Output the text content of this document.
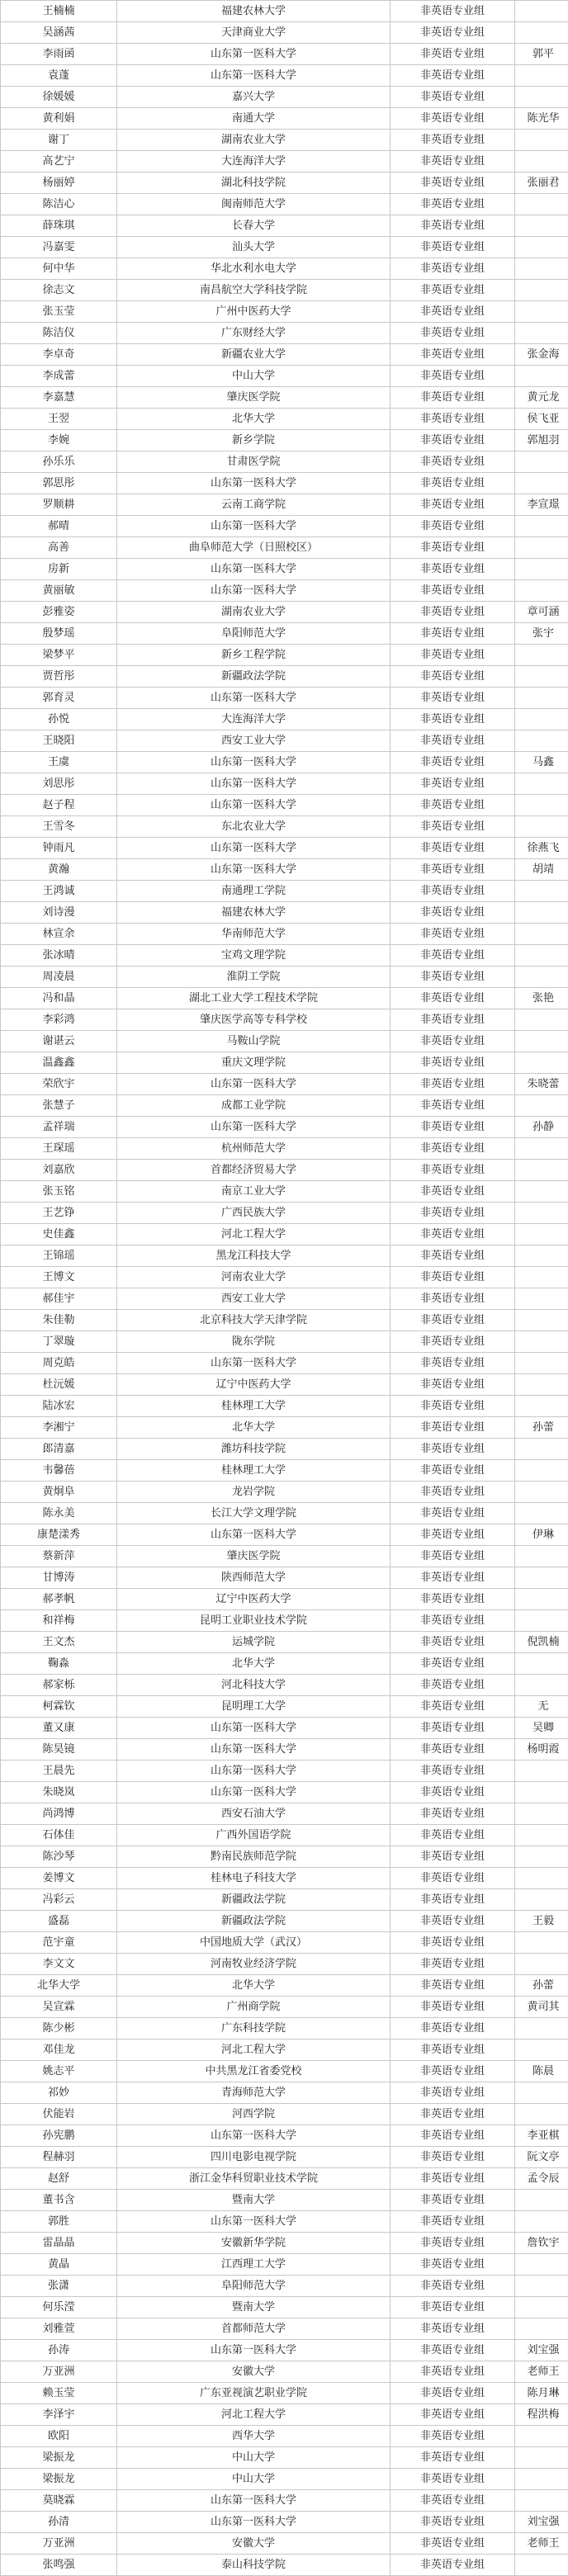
王楠楠	福建农林大学	非英语专业组	
吴涵茜	天津商业大学	非英语专业组	
李雨函	山东第一医科大学	非英语专业组	郭平
袁蓬	山东第一医科大学	非英语专业组	
徐媛媛	嘉兴大学	非英语专业组	
黄利娟	南通大学	非英语专业组	陈光华
谢丁	湖南农业大学	非英语专业组	
高艺宁	大连海洋大学	非英语专业组	
杨丽婷	湖北科技学院	非英语专业组	张丽君
陈洁心	闽南师范大学	非英语专业组	
薛珠琪	长春大学	非英语专业组	
冯嘉雯	汕头大学	非英语专业组	
何中华	华北水利水电大学	非英语专业组	
徐志文	南昌航空大学科技学院	非英语专业组	
张玉莹	广州中医药大学	非英语专业组	
陈洁仪	广东财经大学	非英语专业组	
李卓奇	新疆农业大学	非英语专业组	张金海
李成蕾	中山大学	非英语专业组	
李嘉慧	肇庆医学院	非英语专业组	黄元龙
王翌	北华大学	非英语专业组	侯飞亚
李婉	新乡学院	非英语专业组	郭旭羽
孙乐乐	甘肃医学院	非英语专业组	
郭思彤	山东第一医科大学	非英语专业组	
罗顺耕	云南工商学院	非英语专业组	李宣璟
郝晴	山东第一医科大学	非英语专业组	
高善	曲阜师范大学（日照校区）	非英语专业组	
房新	山东第一医科大学	非英语专业组	
黄丽敏	山东第一医科大学	非英语专业组	
彭雅姿	湖南农业大学	非英语专业组	章可涵
殷梦瑶	阜阳师范大学	非英语专业组	张宇
梁梦平	新乡工程学院	非英语专业组	
贾哲彤	新疆政法学院	非英语专业组	
郭育灵	山东第一医科大学	非英语专业组	
孙悦	大连海洋大学	非英语专业组	
王晓阳	西安工业大学	非英语专业组	
王虞	山东第一医科大学	非英语专业组	马鑫
刘思彤	山东第一医科大学	非英语专业组	
赵子程	山东第一医科大学	非英语专业组	
王雪冬	东北农业大学	非英语专业组	
钟雨凡	山东第一医科大学	非英语专业组	徐燕飞
黄瀚	山东第一医科大学	非英语专业组	胡靖
王鸿诚	南通理工学院	非英语专业组	
刘诗漫	福建农林大学	非英语专业组	
林宣余	华南师范大学	非英语专业组	
张冰晴	宝鸡文理学院	非英语专业组	
周凌晨	淮阴工学院	非英语专业组	
冯和晶	湖北工业大学工程技术学院	非英语专业组	张艳
李彩鸿	肇庆医学高等专科学校	非英语专业组	
谢谌云	马鞍山学院	非英语专业组	
温鑫鑫	重庆文理学院	非英语专业组	
荣欣宇	山东第一医科大学	非英语专业组	朱晓蕾
张慧子	成都工业学院	非英语专业组	
孟祥瑞	山东第一医科大学	非英语专业组	孙静
王琛瑶	杭州师范大学	非英语专业组	
刘嘉欣	首都经济贸易大学	非英语专业组	
张玉铭	南京工业大学	非英语专业组	
王艺铮	广西民族大学	非英语专业组	
史佳鑫	河北工程大学	非英语专业组	
王锦瑶	黑龙江科技大学	非英语专业组	
王博文	河南农业大学	非英语专业组	
郝佳宇	西安工业大学	非英语专业组	
朱佳勒	北京科技大学天津学院	非英语专业组	
丁翠璇	陇东学院	非英语专业组	
周克皓	山东第一医科大学	非英语专业组	
杜沅媛	辽宁中医药大学	非英语专业组	
陆冰宏	桂林理工大学	非英语专业组	
李湘宁	北华大学	非英语专业组	孙蕾
郎清嘉	潍坊科技学院	非英语专业组	
韦馨蓓	桂林理工大学	非英语专业组	
黄炯阜	龙岩学院	非英语专业组	
陈永美	长江大学文理学院	非英语专业组	
康楚漾秀	山东第一医科大学	非英语专业组	伊琳
蔡新萍	肇庆医学院	非英语专业组	
甘博涛	陕西师范大学	非英语专业组	
郝孝帆	辽宁中医药大学	非英语专业组	
和祥梅	昆明工业职业技术学院	非英语专业组	
王文杰	运城学院	非英语专业组	倪凯楠
鞠淼	北华大学	非英语专业组	
郝家栎	河北科技大学	非英语专业组	
柯霖钦	昆明理工大学	非英语专业组	无
董又康	山东第一医科大学	非英语专业组	吴卿
陈昊镜	山东第一医科大学	非英语专业组	杨明霞
王晨先	山东第一医科大学	非英语专业组	
朱晓岚	山东第一医科大学	非英语专业组	
尚鸿博	西安石油大学	非英语专业组	
石体佳	广西外国语学院	非英语专业组	
陈沙琴	黔南民族师范学院	非英语专业组	
姜博文	桂林电子科技大学	非英语专业组	
冯彩云	新疆政法学院	非英语专业组	
盛磊	新疆政法学院	非英语专业组	王毅
范宇童	中国地质大学（武汉）	非英语专业组	
李文文	河南牧业经济学院	非英语专业组	
北华大学	北华大学	非英语专业组	孙蕾
吴宣霖	广州商学院	非英语专业组	黄司其
陈少彬	广东科技学院	非英语专业组	
邓佳龙	河北工程大学	非英语专业组	
姚志平	中共黑龙江省委党校	非英语专业组	陈晨
祁妙	青海师范大学	非英语专业组	
伏能岩	河西学院	非英语专业组	
孙宪鹏	山东第一医科大学	非英语专业组	李亚棋
程赫羽	四川电影电视学院	非英语专业组	阮文亭
赵舒	浙江金华科贸职业技术学院	非英语专业组	孟令辰
董书含	暨南大学	非英语专业组	
郭胜	山东第一医科大学	非英语专业组	
雷晶晶	安徽新华学院	非英语专业组	詹钦宇
黄晶	江西理工大学	非英语专业组	
张潇	阜阳师范大学	非英语专业组	
何乐滢	暨南大学	非英语专业组	
刘雅萱	首都师范大学	非英语专业组	
孙涛	山东第一医科大学	非英语专业组	刘宝强
万亚洲	安徽大学	非英语专业组	老师王
赖玉莹	广东亚视演艺职业学院	非英语专业组	陈月琳
李泽宇	河北工程大学	非英语专业组	程洪梅
欧阳	西华大学	非英语专业组	
梁振龙	中山大学	非英语专业组	
梁振龙	中山大学	非英语专业组	
莫晓霖	山东第一医科大学	非英语专业组	
孙清	山东第一医科大学	非英语专业组	刘宝强
万亚洲	安徽大学	非英语专业组	老师王
张鸣强	泰山科技学院	非英语专业组	
